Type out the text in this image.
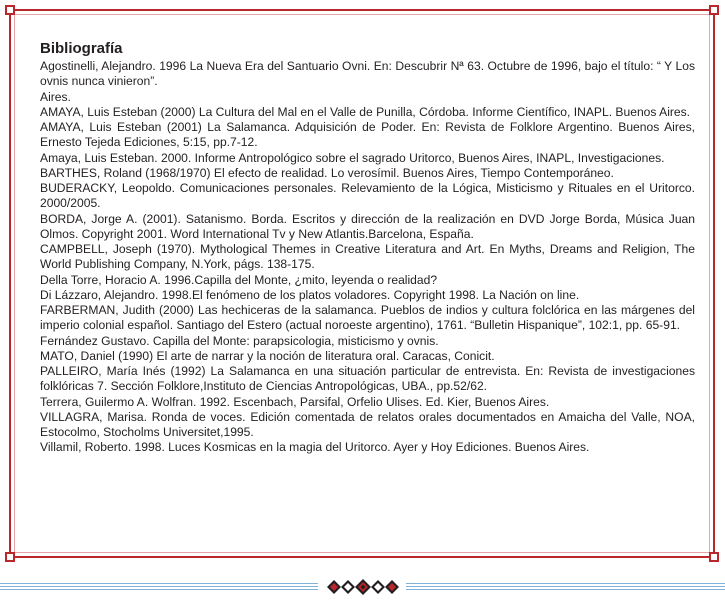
Bibliografía

Agostinelli, Alejandro. 1996 La Nueva Era del Santuario Ovni. En: Descubrir Nª 63. Octubre de 1996, bajo el título: “ Y Los ovnis nunca vinieron”.

Aires.

AMAYA, Luis Esteban (2000) La Cultura del Mal en el Valle de Punilla, Córdoba. Informe Científico, INAPL. Buenos Aires.

AMAYA, Luis Esteban (2001) La Salamanca. Adquisición de Poder. En: Revista de Folklore Argentino. Buenos Aires, Ernesto Tejeda Ediciones, 5:15, pp.7-12.

Amaya, Luis Esteban. 2000. Informe Antropológico sobre el sagrado Uritorco, Buenos Aires, INAPL, Investigaciones.

BARTHES, Roland (1968/1970) El efecto de realidad. Lo verosímil. Buenos Aires, Tiempo Contemporáneo.

BUDERACKY, Leopoldo. Comunicaciones personales. Relevamiento de la Lógica, Misticismo y Rituales en el Uritorco. 2000/2005.

BORDA, Jorge A. (2001). Satanismo. Borda. Escritos y dirección de la realización en DVD Jorge Borda, Música Juan Olmos. Copyright 2001. Word International Tv y New Atlantis.Barcelona, España.

CAMPBELL, Joseph (1970). Mythological Themes in Creative Literatura and Art. En Myths, Dreams and Religion, The World Publishing Company, N.York, págs. 138-175.

Della Torre, Horacio A. 1996.Capilla del Monte, ¿mito, leyenda o realidad?

Di Lázzaro, Alejandro. 1998.El fenómeno de los platos voladores. Copyright 1998. La Nación on line.

FARBERMAN, Judith (2000) Las hechiceras de la salamanca. Pueblos de indios y cultura folclórica en las márgenes del imperio colonial español. Santiago del Estero (actual noroeste argentino), 1761. “Bulletin Hispanique”, 102:1, pp. 65-91.

Fernández Gustavo. Capilla del Monte: parapsicologia, misticismo y ovnis.

MATO, Daniel (1990) El arte de narrar y la noción de literatura oral. Caracas, Conicit.

PALLEIRO, María Inés (1992) La Salamanca en una situación particular de entrevista. En: Revista de investigaciones folklóricas 7. Sección Folklore,Instituto de Ciencias Antropológicas, UBA., pp.52/62.

Terrera, Guilermo A. Wolfran. 1992. Escenbach, Parsifal, Orfelio Ulises. Ed. Kier, Buenos Aires.

VILLAGRA, Marisa. Ronda de voces. Edición comentada de relatos orales documentados en Amaicha del Valle, NOA, Estocolmo, Stocholms Universitet,1995.

Villamil, Roberto. 1998. Luces Kosmicas en la magia del Uritorco. Ayer y Hoy Ediciones. Buenos Aires.
